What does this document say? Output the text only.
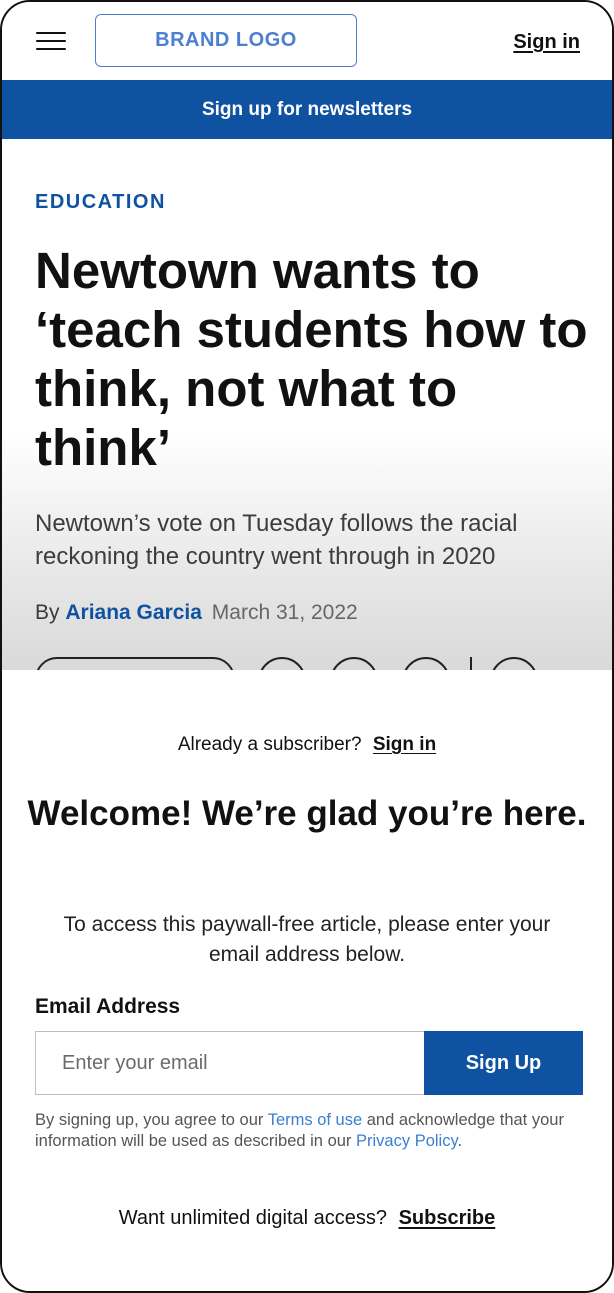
BRAND LOGO	Sign in
Sign up for newsletters
EDUCATION
Newtown wants to ‘teach students how to think, not what to think’

Newtown’s vote on Tuesday follows the racial reckoning the country went through in 2020

By Ariana Garcia March 31, 2022
Already a subscriber? Sign in
Welcome! We’re glad you’re here.

To access this paywall-free article, please enter your email address below.

Email Address
Enter your email
Sign Up

By signing up, you agree to our Terms of use and acknowledge that your information will be used as described in our Privacy Policy.

Want unlimited digital access? Subscribe
